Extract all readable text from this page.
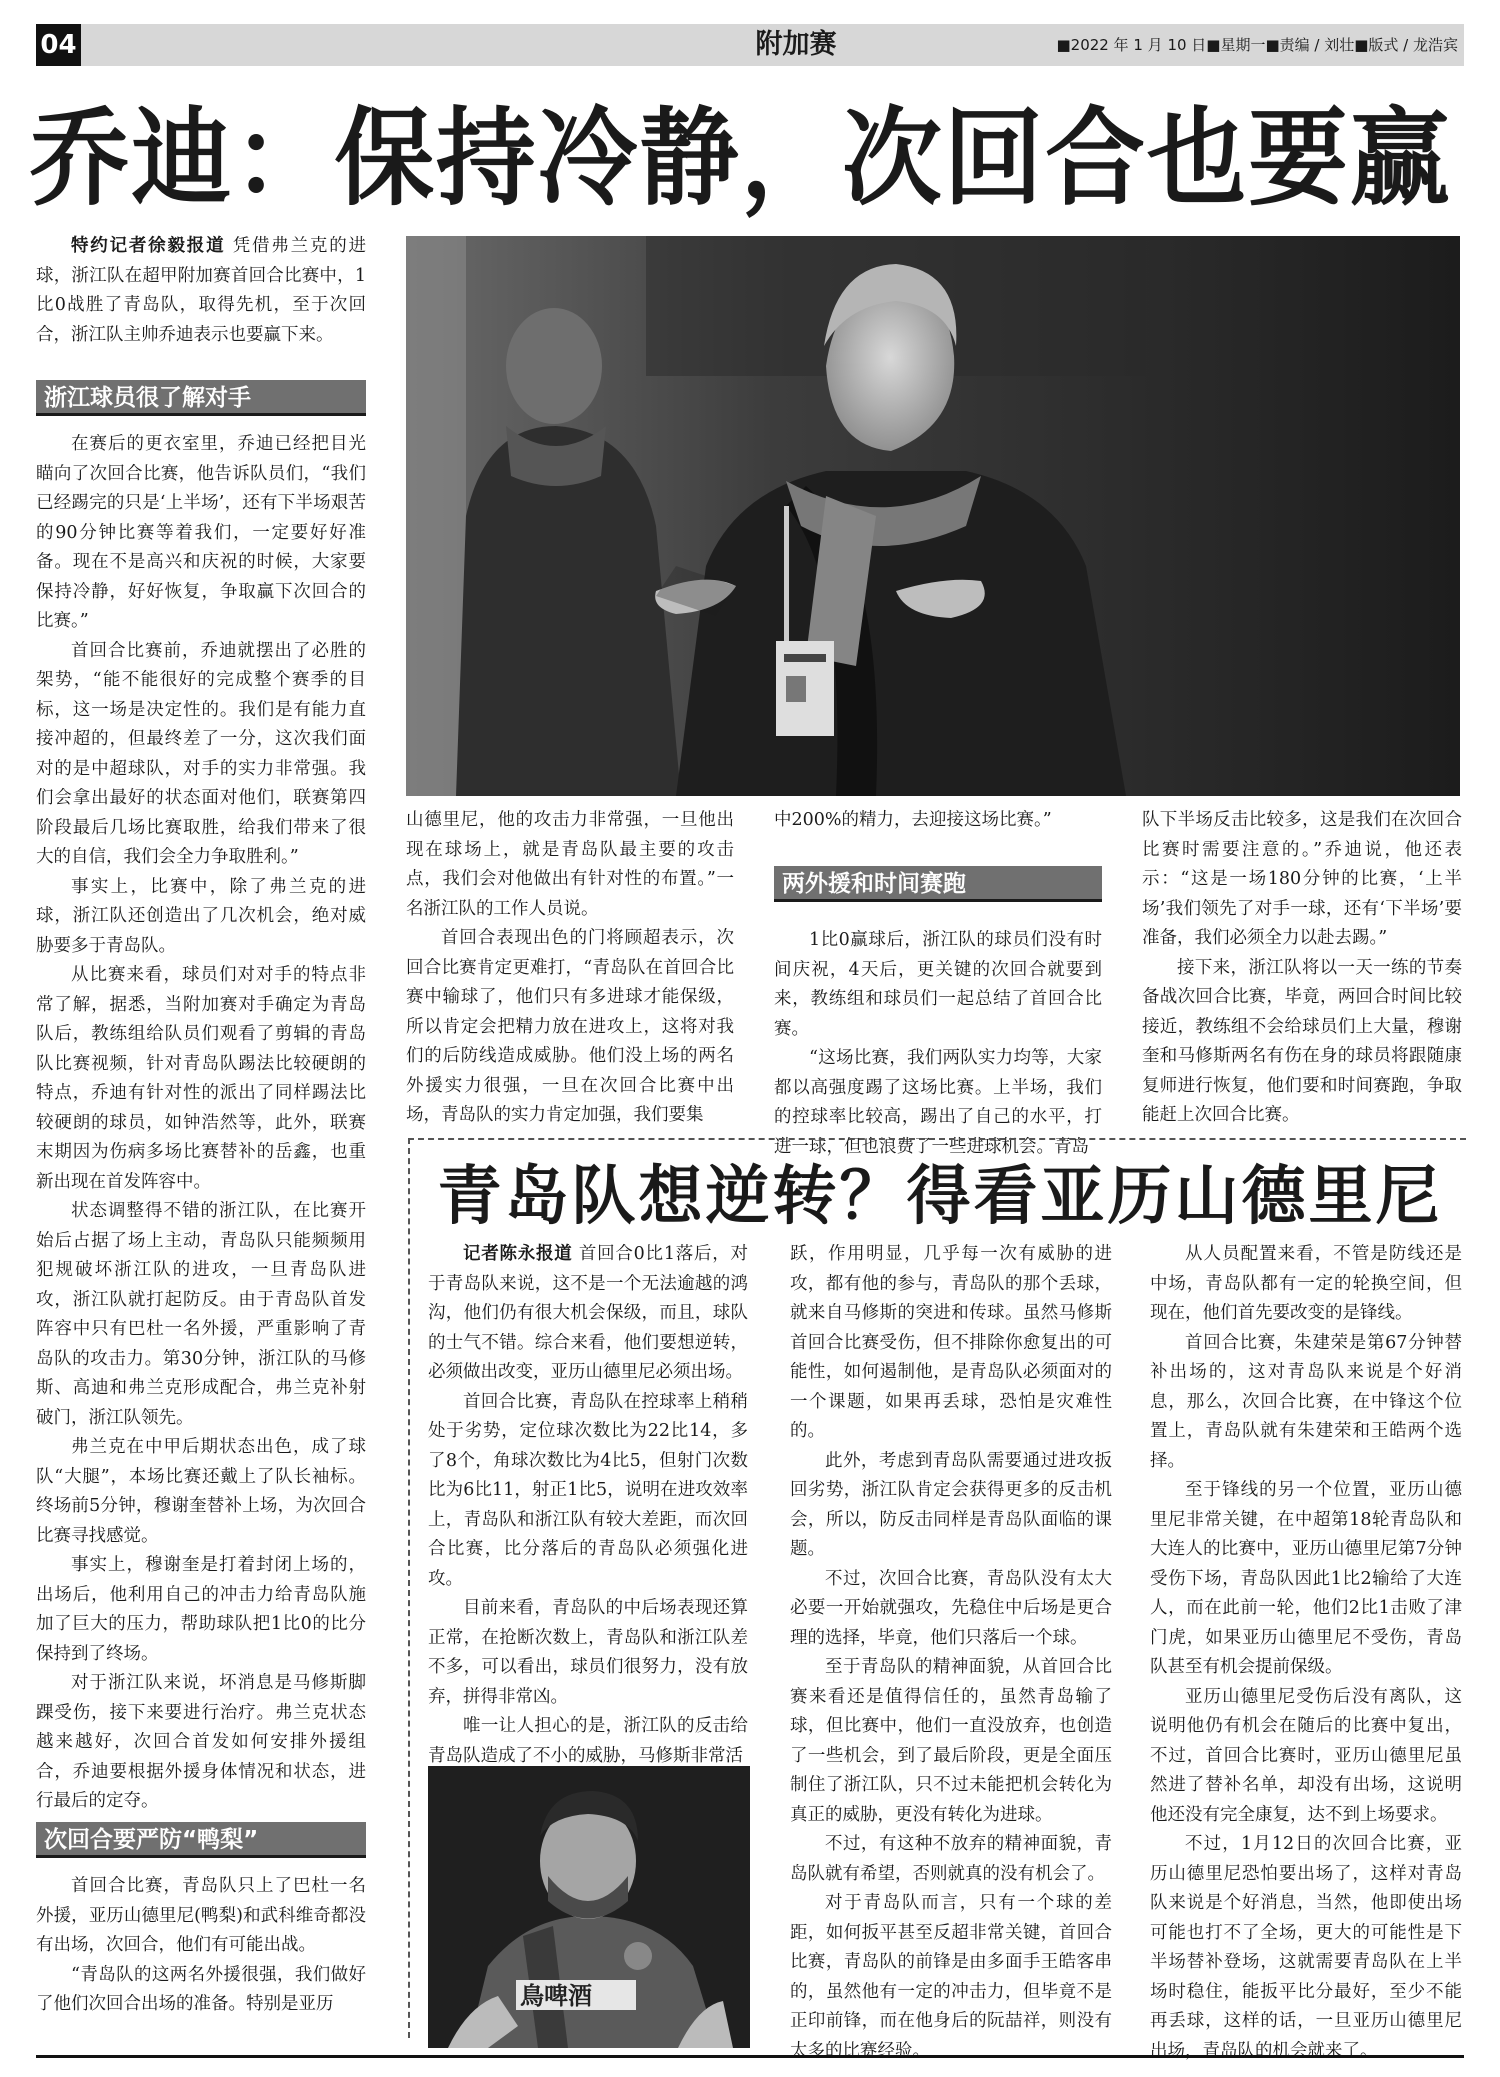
04	附加赛	■2022 年 1 月 10 日■星期一■责编 / 刘壮■版式 / 龙浩宾
乔迪：保持冷静，次回合也要赢

特约记者徐毅报道 凭借弗兰克的进球，浙江队在超甲附加赛首回合比赛中，1比0战胜了青岛队，取得先机，至于次回合，浙江队主帅乔迪表示也要赢下来。

浙江球员很了解对手

在赛后的更衣室里，乔迪已经把目光瞄向了次回合比赛，他告诉队员们，“我们已经踢完的只是‘上半场’，还有下半场艰苦的90分钟比赛等着我们，一定要好好准备。现在不是高兴和庆祝的时候，大家要保持冷静，好好恢复，争取赢下次回合的比赛。”

首回合比赛前，乔迪就摆出了必胜的架势，“能不能很好的完成整个赛季的目标，这一场是决定性的。我们是有能力直接冲超的，但最终差了一分，这次我们面对的是中超球队，对手的实力非常强。我们会拿出最好的状态面对他们，联赛第四阶段最后几场比赛取胜，给我们带来了很大的自信，我们会全力争取胜利。”

事实上，比赛中，除了弗兰克的进球，浙江队还创造出了几次机会，绝对威胁要多于青岛队。

从比赛来看，球员们对对手的特点非常了解，据悉，当附加赛对手确定为青岛队后，教练组给队员们观看了剪辑的青岛队比赛视频，针对青岛队踢法比较硬朗的特点，乔迪有针对性的派出了同样踢法比较硬朗的球员，如钟浩然等，此外，联赛末期因为伤病多场比赛替补的岳鑫，也重新出现在首发阵容中。

状态调整得不错的浙江队，在比赛开始后占据了场上主动，青岛队只能频频用犯规破坏浙江队的进攻，一旦青岛队进攻，浙江队就打起防反。由于青岛队首发阵容中只有巴杜一名外援，严重影响了青岛队的攻击力。第30分钟，浙江队的马修斯、高迪和弗兰克形成配合，弗兰克补射破门，浙江队领先。

弗兰克在中甲后期状态出色，成了球队“大腿”，本场比赛还戴上了队长袖标。终场前5分钟，穆谢奎替补上场，为次回合比赛寻找感觉。

事实上，穆谢奎是打着封闭上场的，出场后，他利用自己的冲击力给青岛队施加了巨大的压力，帮助球队把1比0的比分保持到了终场。

对于浙江队来说，坏消息是马修斯脚踝受伤，接下来要进行治疗。弗兰克状态越来越好，次回合首发如何安排外援组合，乔迪要根据外援身体情况和状态，进行最后的定夺。

次回合要严防“鸭梨”

首回合比赛，青岛队只上了巴杜一名外援，亚历山德里尼(鸭梨)和武科维奇都没有出场，次回合，他们有可能出战。

“青岛队的这两名外援很强，我们做好了他们次回合出场的准备。特别是亚历

山德里尼，他的攻击力非常强，一旦他出现在球场上，就是青岛队最主要的攻击点，我们会对他做出有针对性的布置。”一名浙江队的工作人员说。

首回合表现出色的门将顾超表示，次回合比赛肯定更难打，“青岛队在首回合比赛中输球了，他们只有多进球才能保级，所以肯定会把精力放在进攻上，这将对我们的后防线造成威胁。他们没上场的两名外援实力很强，一旦在次回合比赛中出场，青岛队的实力肯定加强，我们要集

中200%的精力，去迎接这场比赛。”

两外援和时间赛跑

1比0赢球后，浙江队的球员们没有时间庆祝，4天后，更关键的次回合就要到来，教练组和球员们一起总结了首回合比赛。

“这场比赛，我们两队实力均等，大家都以高强度踢了这场比赛。上半场，我们的控球率比较高，踢出了自己的水平，打进一球，但也浪费了一些进球机会。青岛

队下半场反击比较多，这是我们在次回合比赛时需要注意的。”乔迪说，他还表示：“这是一场180分钟的比赛，‘上半场’我们领先了对手一球，还有‘下半场’要准备，我们必须全力以赴去踢。”

接下来，浙江队将以一天一练的节奏备战次回合比赛，毕竟，两回合时间比较接近，教练组不会给球员们上大量，穆谢奎和马修斯两名有伤在身的球员将跟随康复师进行恢复，他们要和时间赛跑，争取能赶上次回合比赛。

青岛队想逆转？得看亚历山德里尼

记者陈永报道 首回合0比1落后，对于青岛队来说，这不是一个无法逾越的鸿沟，他们仍有很大机会保级，而且，球队的士气不错。综合来看，他们要想逆转，必须做出改变，亚历山德里尼必须出场。

首回合比赛，青岛队在控球率上稍稍处于劣势，定位球次数比为22比14，多了8个，角球次数比为4比5，但射门次数比为6比11，射正1比5，说明在进攻效率上，青岛队和浙江队有较大差距，而次回合比赛，比分落后的青岛队必须强化进攻。

目前来看，青岛队的中后场表现还算正常，在抢断次数上，青岛队和浙江队差不多，可以看出，球员们很努力，没有放弃，拼得非常凶。

唯一让人担心的是，浙江队的反击给青岛队造成了不小的威胁，马修斯非常活

鳥啤酒

跃，作用明显，几乎每一次有威胁的进攻，都有他的参与，青岛队的那个丢球，就来自马修斯的突进和传球。虽然马修斯首回合比赛受伤，但不排除你愈复出的可能性，如何遏制他，是青岛队必须面对的一个课题，如果再丢球，恐怕是灾难性的。

此外，考虑到青岛队需要通过进攻扳回劣势，浙江队肯定会获得更多的反击机会，所以，防反击同样是青岛队面临的课题。

不过，次回合比赛，青岛队没有太大必要一开始就强攻，先稳住中后场是更合理的选择，毕竟，他们只落后一个球。

至于青岛队的精神面貌，从首回合比赛来看还是值得信任的，虽然青岛输了球，但比赛中，他们一直没放弃，也创造了一些机会，到了最后阶段，更是全面压制住了浙江队，只不过未能把机会转化为真正的威胁，更没有转化为进球。

不过，有这种不放弃的精神面貌，青岛队就有希望，否则就真的没有机会了。

对于青岛队而言，只有一个球的差距，如何扳平甚至反超非常关键，首回合比赛，青岛队的前锋是由多面手王皓客串的，虽然他有一定的冲击力，但毕竟不是正印前锋，而在他身后的阮喆祥，则没有太多的比赛经验。

从人员配置来看，不管是防线还是中场，青岛队都有一定的轮换空间，但现在，他们首先要改变的是锋线。

首回合比赛，朱建荣是第67分钟替补出场的，这对青岛队来说是个好消息，那么，次回合比赛，在中锋这个位置上，青岛队就有朱建荣和王皓两个选择。

至于锋线的另一个位置，亚历山德里尼非常关键，在中超第18轮青岛队和大连人的比赛中，亚历山德里尼第7分钟受伤下场，青岛队因此1比2输给了大连人，而在此前一轮，他们2比1击败了津门虎，如果亚历山德里尼不受伤，青岛队甚至有机会提前保级。

亚历山德里尼受伤后没有离队，这说明他仍有机会在随后的比赛中复出，不过，首回合比赛时，亚历山德里尼虽然进了替补名单，却没有出场，这说明他还没有完全康复，达不到上场要求。

不过，1月12日的次回合比赛，亚历山德里尼恐怕要出场了，这样对青岛队来说是个好消息，当然，他即使出场可能也打不了全场，更大的可能性是下半场替补登场，这就需要青岛队在上半场时稳住，能扳平比分最好，至少不能再丢球，这样的话，一旦亚历山德里尼出场，青岛队的机会就来了。
